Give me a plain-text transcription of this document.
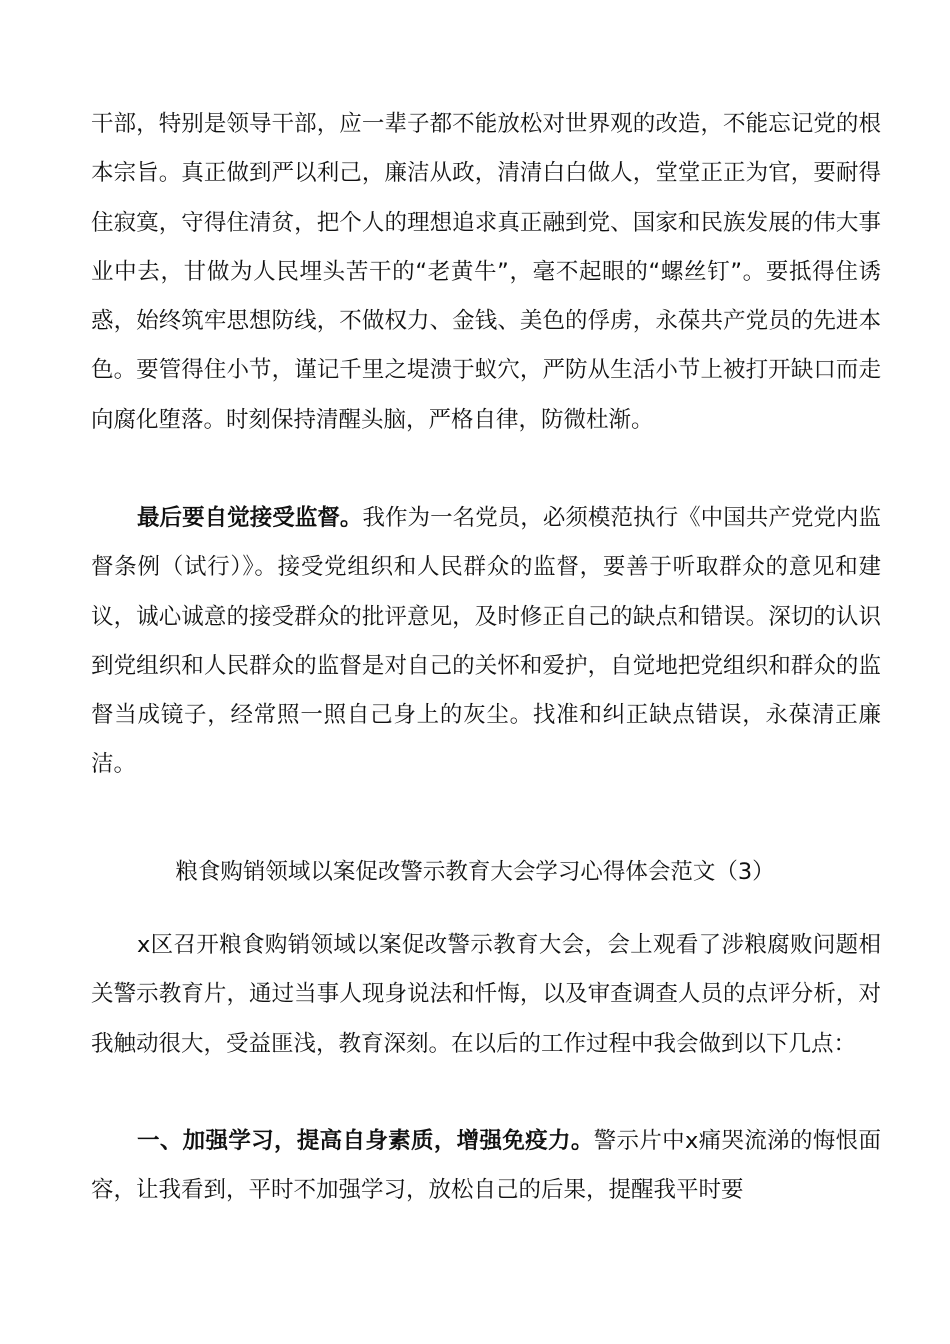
干部，特别是领导干部，应一辈子都不能放松对世界观的改造，不能忘记党的根本宗旨。真正做到严以利己，廉洁从政，清清白白做人，堂堂正正为官，要耐得住寂寞，守得住清贫，把个人的理想追求真正融到党、国家和民族发展的伟大事业中去，甘做为人民埋头苦干的“老黄牛”，毫不起眼的“螺丝钉”。要抵得住诱惑，始终筑牢思想防线，不做权力、金钱、美色的俘虏，永葆共产党员的先进本色。要管得住小节，谨记千里之堤溃于蚁穴，严防从生活小节上被打开缺口而走向腐化堕落。时刻保持清醒头脑，严格自律，防微杜渐。

最后要自觉接受监督。我作为一名党员，必须模范执行《中国共产党党内监督条例（试行）》。接受党组织和人民群众的监督，要善于听取群众的意见和建议，诚心诚意的接受群众的批评意见，及时修正自己的缺点和错误。深切的认识到党组织和人民群众的监督是对自己的关怀和爱护，自觉地把党组织和群众的监督当成镜子，经常照一照自己身上的灰尘。找准和纠正缺点错误，永葆清正廉洁。

粮食购销领域以案促改警示教育大会学习心得体会范文（3）

x区召开粮食购销领域以案促改警示教育大会，会上观看了涉粮腐败问题相关警示教育片，通过当事人现身说法和忏悔，以及审查调查人员的点评分析，对我触动很大，受益匪浅，教育深刻。在以后的工作过程中我会做到以下几点：

一、加强学习，提高自身素质，增强免疫力。警示片中x痛哭流涕的悔恨面容，让我看到，平时不加强学习，放松自己的后果，提醒我平时要
